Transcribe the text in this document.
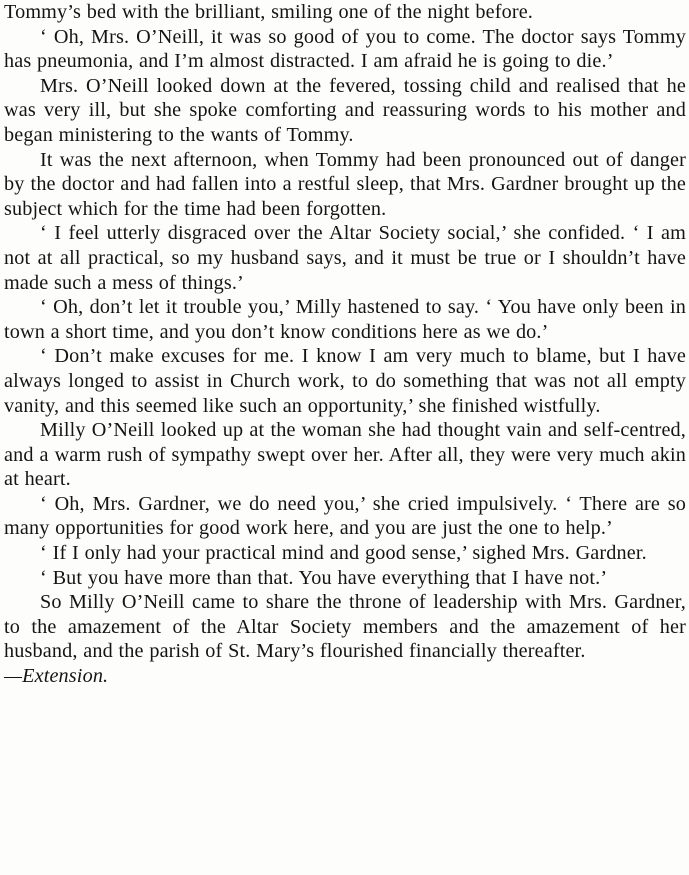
Tommy’s bed with the brilliant, smiling one of the night before.

‘ Oh, Mrs. O’Neill, it was so good of you to come. The doctor says Tommy has pneumonia, and I’m almost distracted. I am afraid he is going to die.’

Mrs. O’Neill looked down at the fevered, tossing child and realised that he was very ill, but she spoke comforting and reassuring words to his mother and began ministering to the wants of Tommy.

It was the next afternoon, when Tommy had been pronounced out of danger by the doctor and had fallen into a restful sleep, that Mrs. Gardner brought up the subject which for the time had been forgotten.

‘ I feel utterly disgraced over the Altar Society social,’ she confided. ‘ I am not at all practical, so my husband says, and it must be true or I shouldn’t have made such a mess of things.’

‘ Oh, don’t let it trouble you,’ Milly hastened to say. ‘ You have only been in town a short time, and you don’t know conditions here as we do.’

‘ Don’t make excuses for me. I know I am very much to blame, but I have always longed to assist in Church work, to do something that was not all empty vanity, and this seemed like such an opportunity,’ she finished wistfully.

Milly O’Neill looked up at the woman she had thought vain and self-centred, and a warm rush of sympathy swept over her. After all, they were very much akin at heart.

‘ Oh, Mrs. Gardner, we do need you,’ she cried impulsively. ‘ There are so many opportunities for good work here, and you are just the one to help.’

‘ If I only had your practical mind and good sense,’ sighed Mrs. Gardner.

‘ But you have more than that. You have everything that I have not.’

So Milly O’Neill came to share the throne of leadership with Mrs. Gardner, to the amazement of the Altar Society members and the amazement of her husband, and the parish of St. Mary’s flourished financially thereafter.

—Extension.
